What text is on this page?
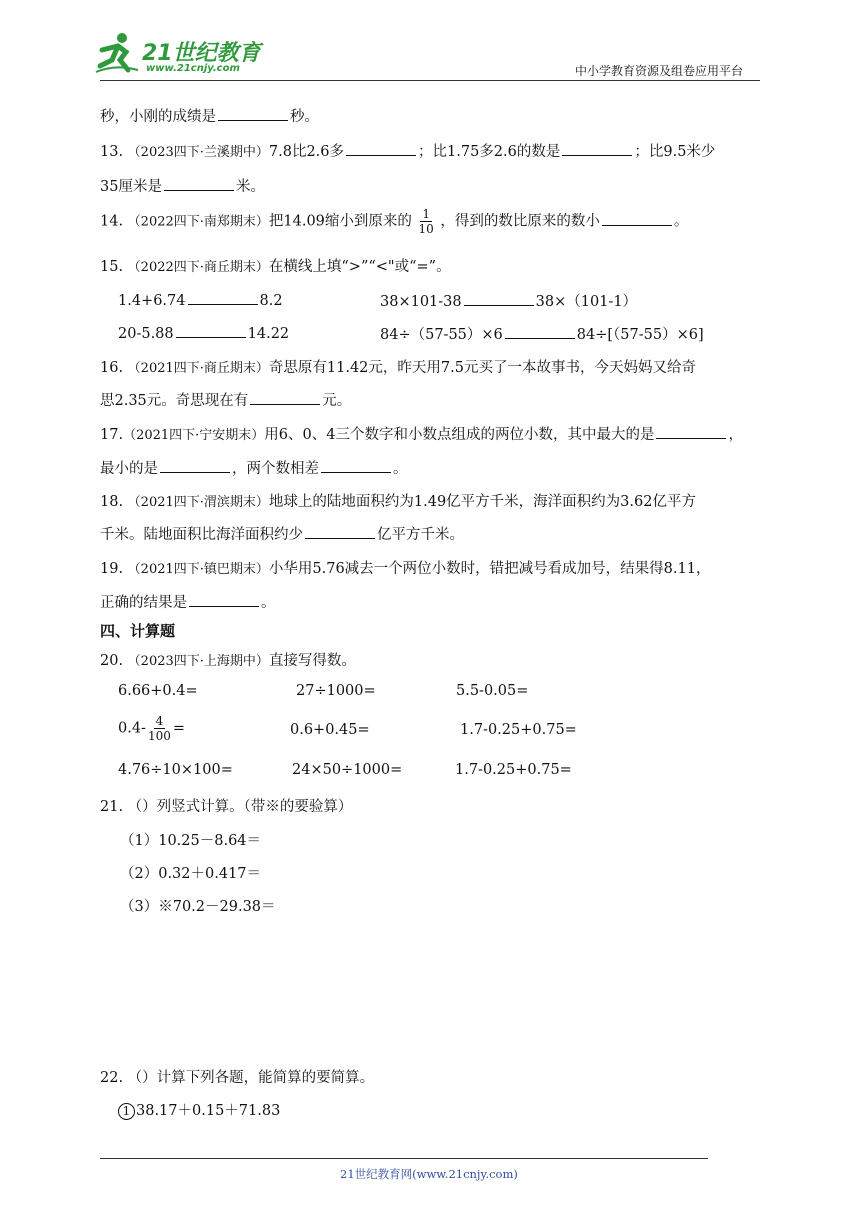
21世纪教育
www.21cnjy.com	中小学教育资源及组卷应用平台
秒，小刚的成绩是	秒。
13. （2023四下·兰溪期中）7.8比2.6多	；比1.75多2.6的数是	；比9.5米少
35厘米是	米。
14. （2022四下·南郑期末）把14.09缩小到原来的 $\frac{1}{10}$ ，得到的数比原来的数小	。
15. （2022四下·商丘期末）在横线上填“>”“<"或“=”。
1.4+6.74	8.2	38×101-38	38×（101-1）
20-5.88	14.22	84÷（57-55）×6	84÷[（57-55）×6]
16. （2021四下·商丘期末）奇思原有11.42元，昨天用7.5元买了一本故事书，今天妈妈又给奇
思2.35元。奇思现在有	元。
17.（2021四下·宁安期末）用6、0、4三个数字和小数点组成的两位小数，其中最大的是	，
最小的是	，两个数相差	。
18. （2021四下·渭滨期末）地球上的陆地面积约为1.49亿平方千米，海洋面积约为3.62亿平方
千米。陆地面积比海洋面积约少	亿平方千米。
19. （2021四下·镇巴期末）小华用5.76减去一个两位小数时，错把减号看成加号，结果得8.11，
正确的结果是	。
四、计算题
20. （2023四下·上海期中）直接写得数。
6.66+0.4=	27÷1000=	5.5-0.05=
$0.4- \frac{4}{100}$ =	0.6+0.45=	1.7-0.25+0.75=
4.76÷10×100=	24×50÷1000=	1.7-0.25+0.75=
21. （）列竖式计算。（带※的要验算）
（1）10.25－8.64＝
（2）0.32＋0.417＝
（3）※70.2－29.38＝
22. （）计算下列各题，能简算的要简算。
1 38.17＋0.15＋71.83
21世纪教育网(www.21cnjy.com)
